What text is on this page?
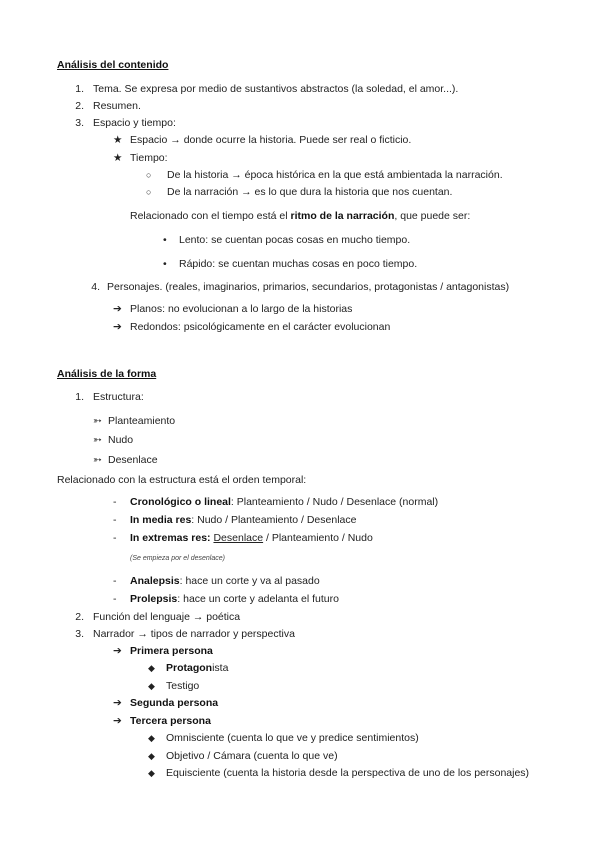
Análisis del contenido
1. Tema. Se expresa por medio de sustantivos abstractos (la soledad, el amor...).
2. Resumen.
3. Espacio y tiempo:
★ Espacio → donde ocurre la historia. Puede ser real o ficticio.
★ Tiempo:
○ De la historia → época histórica en la que está ambientada la narración.
○ De la narración → es lo que dura la historia que nos cuentan.
Relacionado con el tiempo está el ritmo de la narración, que puede ser:
• Lento: se cuentan pocas cosas en mucho tiempo.
• Rápido: se cuentan muchas cosas en poco tiempo.
4. Personajes. (reales, imaginarios, primarios, secundarios, protagonistas / antagonistas)
➔ Planos: no evolucionan a lo largo de la historias
➔ Redondos: psicológicamente en el carácter evolucionan
Análisis de la forma
1. Estructura:
➳ Planteamiento
➳ Nudo
➳ Desenlace
Relacionado con la estructura está el orden temporal:
- Cronológico o lineal: Planteamiento / Nudo / Desenlace (normal)
- In media res: Nudo / Planteamiento / Desenlace
- In extremas res: Desenlace / Planteamiento / Nudo
(Se empieza por el desenlace)
- Analepsis: hace un corte y va al pasado
- Prolepsis: hace un corte y adelanta el futuro
2. Función del lenguaje → poética
3. Narrador → tipos de narrador y perspectiva
➔ Primera persona
◆ Protagonista
◆ Testigo
➔ Segunda persona
➔ Tercera persona
◆ Omnisciente (cuenta lo que ve y predice sentimientos)
◆ Objetivo / Cámara (cuenta lo que ve)
◆ Equisciente (cuenta la historia desde la perspectiva de uno de los personajes)
